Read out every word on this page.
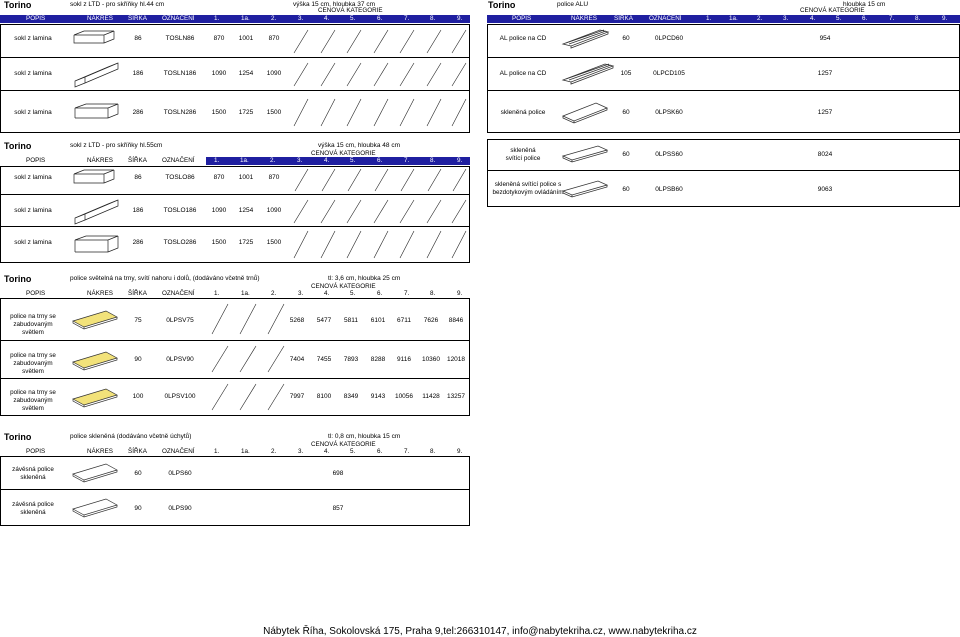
Torino	sokl z LTD - pro skříňky hl.44 cm	výška 15 cm, hloubka 37 cm
CENOVÁ KATEGORIE
POPIS	NÁKRES ŠÍŘKA OZNAČENÍ	1.	1a.	2.	3.	4.	5.	6.	7.	8.	9.
sokl z lamina	86	TOSLN86	870	1001	870
sokl z lamina	186	TOSLN186	1090	1254	1090
sokl z lamina	286	TOSLN286	1500	1725	1500
Torino	police ALU	hloubka 15 cm
CENOVÁ KATEGORIE
POPIS	NÁKRES	ŠÍŘKA	OZNAČENÍ	1.	1a.	2.	3.	4.	5.	6.	7.	8.	9.
AL police na CD	60	0LPCD60	954
AL police na CD	105	0LPCD105	1257
skleněná police	60	0LPSK60	1257
Torino	sokl z LTD - pro skříňky hl.55cm	výška 15 cm, hloubka 48 cm
CENOVÁ KATEGORIE
1.	1a.	2.	3.	4.	5.	6.	7.	8.	9.
POPIS	NÁKRES ŠÍŘKA OZNAČENÍ
sokl z lamina	86	TOSLO86	870	1001	870
sokl z lamina	186	TOSLO186	1090	1254	1090
sokl z lamina	286	TOSLO286	1500	1725	1500
skleněná
svítící police
60	0LPSS60	8024
skleněná svítící police s
bezdotykovým ovládáním	60	0LPSB60	9063
Torino	police světelná na trny, svítí nahoru i dolů, (dodáváno včetně trnů)	tl: 3,6 cm, hloubka 25 cm
CENOVÁ KATEGORIE
POPIS	NÁKRES ŠÍŘKA OZNAČENÍ	1.	1a.	2.	3.	4.	5.	6.	7.	8.	9.
police na trny se
zabudovaným světlem
75	0LPSV75	5268	5477	5811	6101	6711	7626	8846
police na trny se
zabudovaným světlem
90	0LPSV90	7404	7455	7893	8288	9116	10360	12018
police na trny se
zabudovaným světlem
100	0LPSV100	7997	8100	8349	9143	10056	11428	13257
Torino	police skleněná (dodáváno včetně úchytů)	tl: 0,8 cm, hloubka 15 cm
CENOVÁ KATEGORIE
POPIS	NÁKRES ŠÍŘKA OZNAČENÍ	1.	1a.	2.	3.	4.	5.	6.	7.	8.	9.
závěsná police
skleněná
60	0LPS60	698
závěsná police
skleněná
90	0LPS90	857
Nábytek Říha, Sokolovská 175, Praha 9,tel:266310147, info@nabytekriha.cz, www.nabytekriha.cz
